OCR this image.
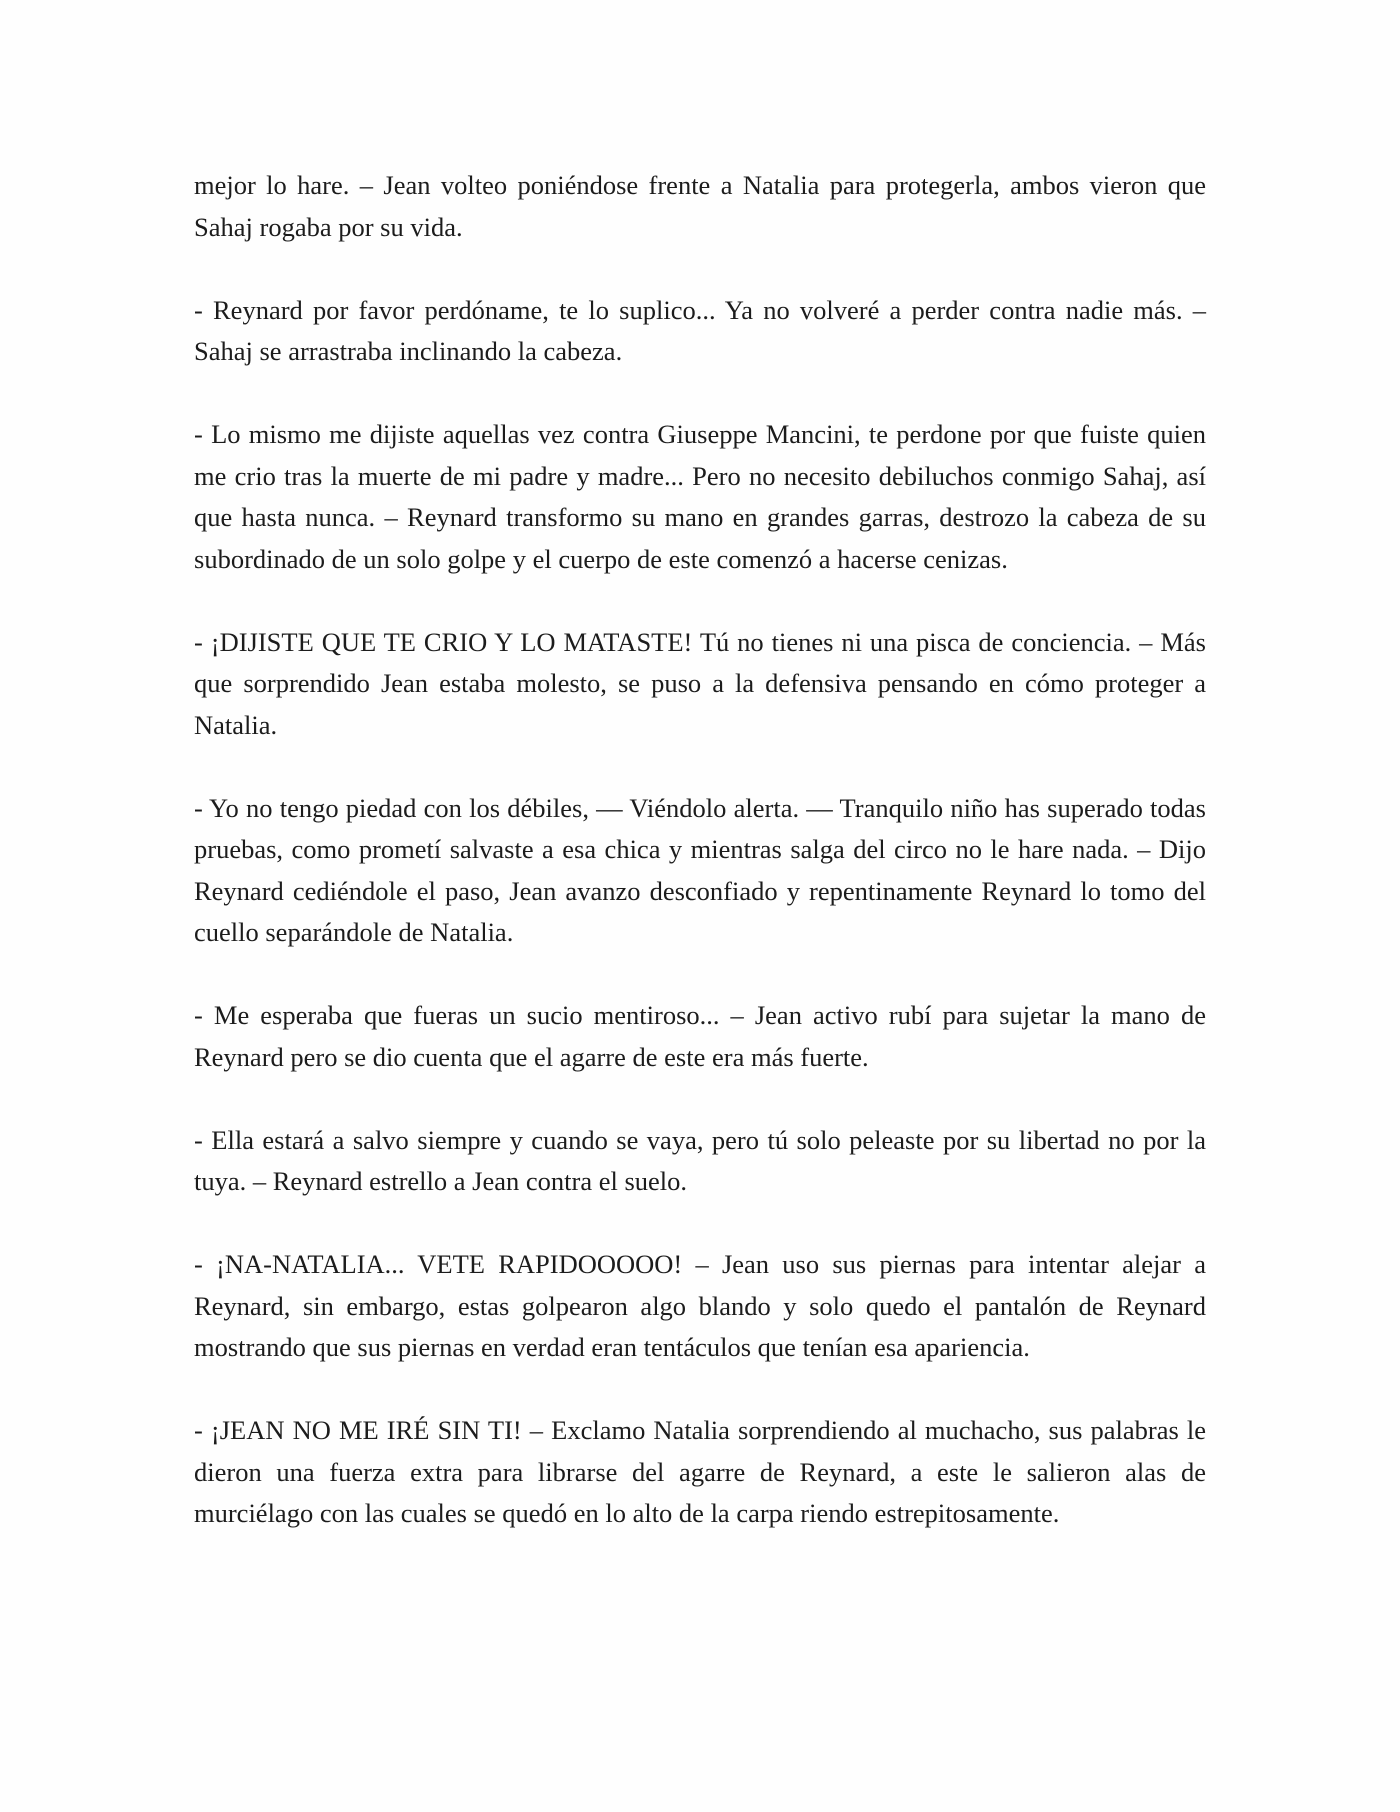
mejor lo hare. – Jean volteo poniéndose frente a Natalia para protegerla, ambos vieron que Sahaj rogaba por su vida.

- Reynard por favor perdóname, te lo suplico... Ya no volveré a perder contra nadie más. – Sahaj se arrastraba inclinando la cabeza.

- Lo mismo me dijiste aquellas vez contra Giuseppe Mancini, te perdone por que fuiste quien me crio tras la muerte de mi padre y madre... Pero no necesito debiluchos conmigo Sahaj, así que hasta nunca. – Reynard transformo su mano en grandes garras, destrozo la cabeza de su subordinado de un solo golpe y el cuerpo de este comenzó a hacerse cenizas.

- ¡DIJISTE QUE TE CRIO Y LO MATASTE! Tú no tienes ni una pisca de conciencia. – Más que sorprendido Jean estaba molesto, se puso a la defensiva pensando en cómo proteger a Natalia.

- Yo no tengo piedad con los débiles, — Viéndolo alerta. — Tranquilo niño has superado todas pruebas, como prometí salvaste a esa chica y mientras salga del circo no le hare nada. – Dijo Reynard cediéndole el paso, Jean avanzo desconfiado y repentinamente Reynard lo tomo del cuello separándole de Natalia.

- Me esperaba que fueras un sucio mentiroso... – Jean activo rubí para sujetar la mano de Reynard pero se dio cuenta que el agarre de este era más fuerte.

- Ella estará a salvo siempre y cuando se vaya, pero tú solo peleaste por su libertad no por la tuya. – Reynard estrello a Jean contra el suelo.

- ¡NA-NATALIA... VETE RAPIDOOOOO! – Jean uso sus piernas para intentar alejar a Reynard, sin embargo, estas golpearon algo blando y solo quedo el pantalón de Reynard mostrando que sus piernas en verdad eran tentáculos que tenían esa apariencia.

- ¡JEAN NO ME IRÉ SIN TI! – Exclamo Natalia sorprendiendo al muchacho, sus palabras le dieron una fuerza extra para librarse del agarre de Reynard, a este le salieron alas de murciélago con las cuales se quedó en lo alto de la carpa riendo estrepitosamente.
